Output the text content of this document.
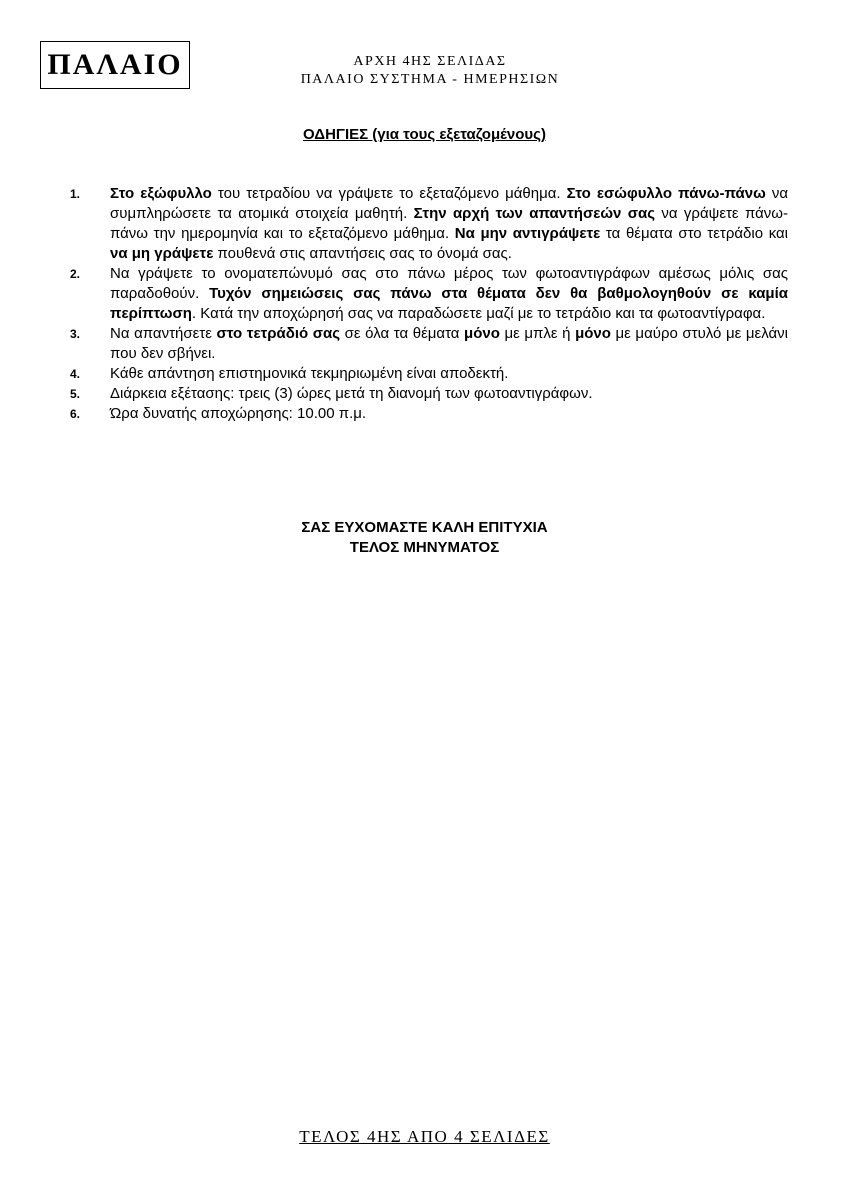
ΠΑΛΑΙΟ	ΑΡΧΗ 4ΗΣ ΣΕΛΙΔΑΣ
ΠΑΛΑΙΟ ΣΥΣΤΗΜΑ - ΗΜΕΡΗΣΙΩΝ
ΟΔΗΓΙΕΣ (για τους εξεταζομένους)
1.	Στο εξώφυλλο του τετραδίου να γράψετε το εξεταζόμενο μάθημα. Στο εσώφυλλο πάνω-πάνω να συμπληρώσετε τα ατομικά στοιχεία μαθητή. Στην αρχή των απαντήσεών σας να γράψετε πάνω-πάνω την ημερομηνία και το εξεταζόμενο μάθημα. Να μην αντιγράψετε τα θέματα στο τετράδιο και να μη γράψετε πουθενά στις απαντήσεις σας το όνομά σας.
2.	Να γράψετε το ονοματεπώνυμό σας στο πάνω μέρος των φωτοαντιγράφων αμέσως μόλις σας παραδοθούν. Τυχόν σημειώσεις σας πάνω στα θέματα δεν θα βαθμολογηθούν σε καμία περίπτωση. Κατά την αποχώρησή σας να παραδώσετε μαζί με το τετράδιο και τα φωτοαντίγραφα.
3.	Να απαντήσετε στο τετράδιό σας σε όλα τα θέματα μόνο με μπλε ή μόνο με μαύρο στυλό με μελάνι που δεν σβήνει.
4.	Κάθε απάντηση επιστημονικά τεκμηριωμένη είναι αποδεκτή.
5.	Διάρκεια εξέτασης: τρεις (3) ώρες μετά τη διανομή των φωτοαντιγράφων.
6.	Ώρα δυνατής αποχώρησης: 10.00 π.μ.
ΣΑΣ ΕΥΧΟΜΑΣΤΕ ΚΑΛΗ ΕΠΙΤΥΧΙΑ
ΤΕΛΟΣ ΜΗΝΥΜΑΤΟΣ
ΤΕΛΟΣ 4ΗΣ ΑΠΟ 4 ΣΕΛΙΔΕΣ
